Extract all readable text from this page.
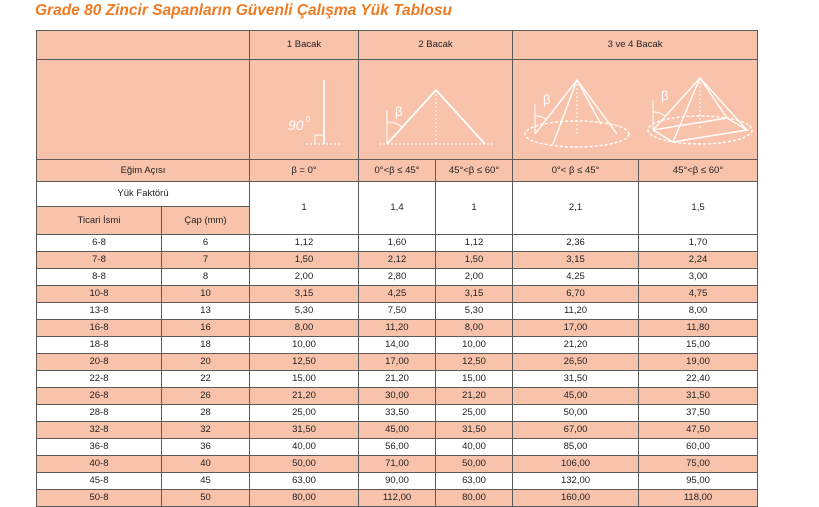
Grade 80 Zincir Sapanların Güvenli Çalışma Yük Tablosu
		1 Bacak	2 Bacak		3 ve 4 Bacak	

90 0	β		β β	

Eğim Açısı		β = 0°	0°<β ≤ 45°	45°<β ≤ 60°	0°< β ≤ 45°	45°<β ≤ 60°
Yük Faktörü		1	1,4	1	2,1	1,5
Ticari İsmi	Çap (mm)					
6-8	6	1,12	1,60	1,12	2,36	1,70
7-8	7	1,50	2,12	1,50	3,15	2,24
8-8	8	2,00	2,80	2,00	4,25	3,00
10-8	10	3,15	4,25	3,15	6,70	4,75
13-8	13	5,30	7,50	5,30	11,20	8,00
16-8	16	8,00	11,20	8,00	17,00	11,80
18-8	18	10,00	14,00	10,00	21,20	15,00
20-8	20	12,50	17,00	12,50	26,50	19,00
22-8	22	15,00	21,20	15,00	31,50	22,40
26-8	26	21,20	30,00	21,20	45,00	31,50
28-8	28	25,00	33,50	25,00	50,00	37,50
32-8	32	31,50	45,00	31,50	67,00	47,50
36-8	36	40,00	56,00	40,00	85,00	60,00
40-8	40	50,00	71,00	50,00	106,00	75,00
45-8	45	63,00	90,00	63,00	132,00	95,00
50-8	50	80,00	112,00	80,00	160,00	118,00
